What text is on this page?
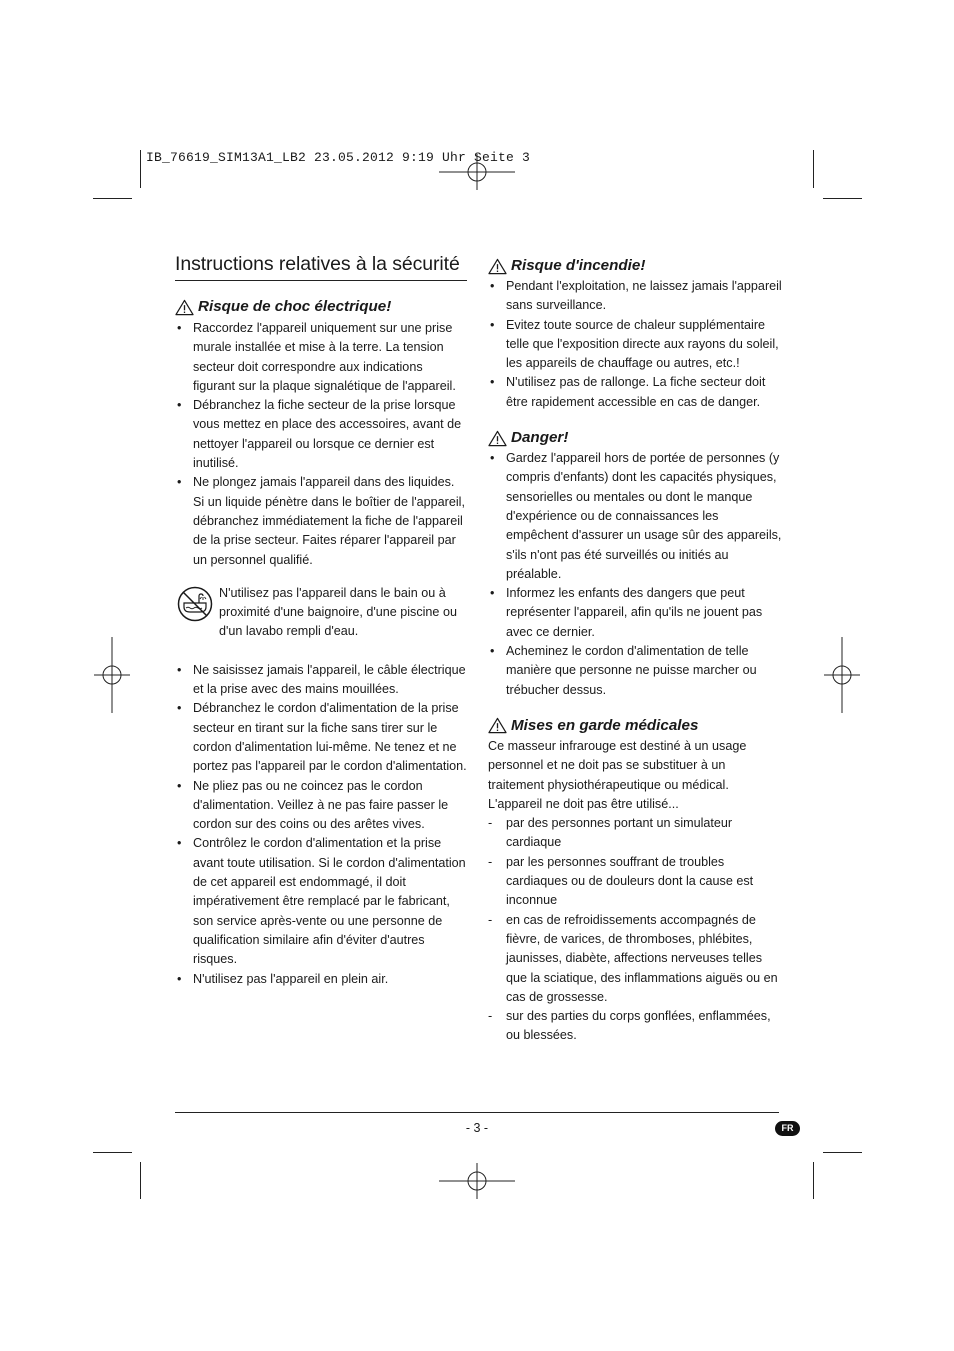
IB_76619_SIM13A1_LB2 23.05.2012 9:19 Uhr Seite 3
Instructions relatives à la sécurité
Risque de choc électrique!
• Raccordez l'appareil uniquement sur une prise murale installée et mise à la terre. La tension secteur doit correspondre aux indications figurant sur la plaque signalétique de l'appareil.
• Débranchez la fiche secteur de la prise lorsque vous mettez en place des accessoires, avant de nettoyer l'appareil ou lorsque ce dernier est inutilisé.
• Ne plongez jamais l'appareil dans des liquides. Si un liquide pénètre dans le boîtier de l'appareil, débranchez immédiatement la fiche de l'appareil de la prise secteur. Faites réparer l'appareil par un personnel qualifié.

N'utilisez pas l'appareil dans le bain ou à proximité d'une baignoire, d'une piscine ou d'un lavabo rempli d'eau.

• Ne saisissez jamais l'appareil, le câble électrique et la prise avec des mains mouillées.
• Débranchez le cordon d'alimentation de la prise secteur en tirant sur la fiche sans tirer sur le cordon d'alimentation lui-même. Ne tenez et ne portez pas l'appareil par le cordon d'alimentation.
• Ne pliez pas ou ne coincez pas le cordon d'alimentation. Veillez à ne pas faire passer le cordon sur des coins ou des arêtes vives.
• Contrôlez le cordon d'alimentation et la prise avant toute utilisation. Si le cordon d'alimentation de cet appareil est endommagé, il doit impérativement être remplacé par le fabricant, son service après-vente ou une personne de qualification similaire afin d'éviter d'autres risques.
• N'utilisez pas l'appareil en plein air.
Risque d'incendie!
• Pendant l'exploitation, ne laissez jamais l'appareil sans surveillance.
• Evitez toute source de chaleur supplémentaire telle que l'exposition directe aux rayons du soleil, les appareils de chauffage ou autres, etc.!
• N'utilisez pas de rallonge. La fiche secteur doit être rapidement accessible en cas de danger.
Danger!
• Gardez l'appareil hors de portée de personnes (y compris d'enfants) dont les capacités physiques, sensorielles ou mentales ou dont le manque d'expérience ou de connaissances les empêchent d'assurer un usage sûr des appareils, s'ils n'ont pas été surveillés ou initiés au préalable.
• Informez les enfants des dangers que peut représenter l'appareil, afin qu'ils ne jouent pas avec ce dernier.
• Acheminez le cordon d'alimentation de telle manière que personne ne puisse marcher ou trébucher dessus.
Mises en garde médicales

Ce masseur infrarouge est destiné à un usage personnel et ne doit pas se substituer à un traitement physiothérapeutique ou médical. L'appareil ne doit pas être utilisé...

- par des personnes portant un simulateur cardiaque
- par les personnes souffrant de troubles cardiaques ou de douleurs dont la cause est inconnue
- en cas de refroidissements accompagnés de fièvre, de varices, de thromboses, phlébites, jaunisses, diabète, affections nerveuses telles que la sciatique, des inflammations aiguës ou en cas de grossesse.
- sur des parties du corps gonflées, enflammées, ou blessées.
- 3 -	FR
